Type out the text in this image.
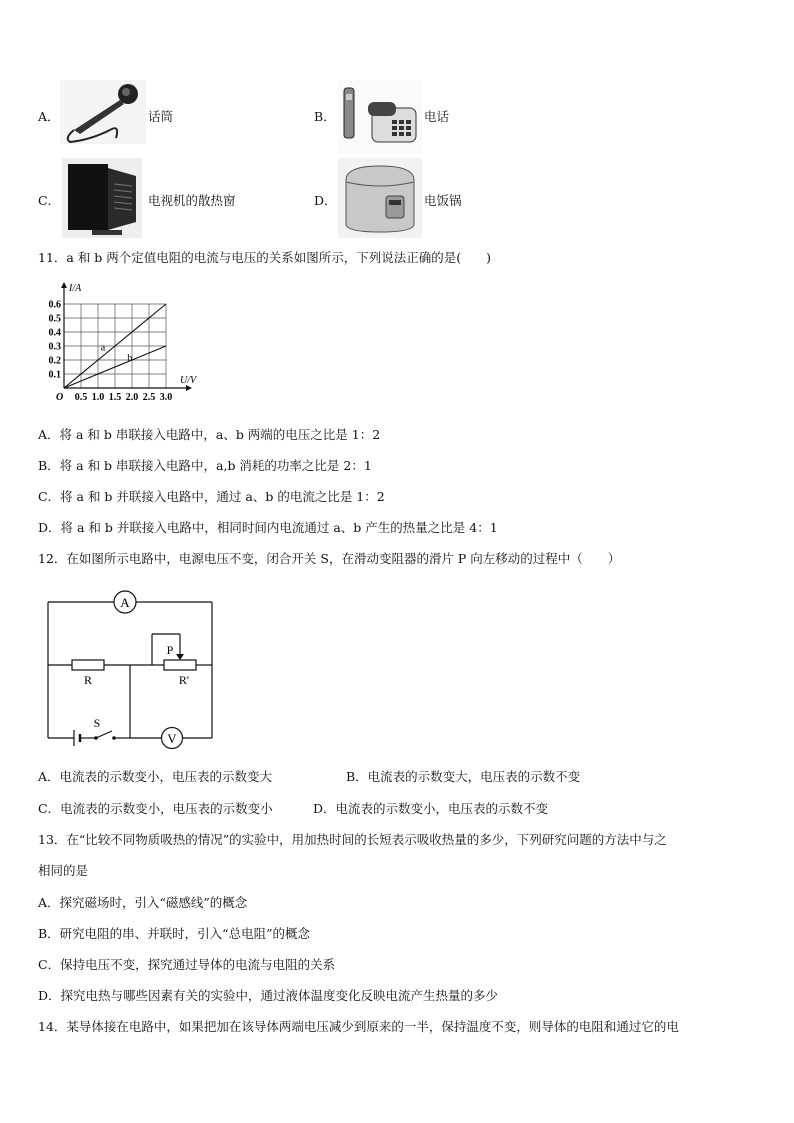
A．	话筒	B．	电话
C．	电视机的散热窗	D．	电饭锅
11．a 和 b 两个定值电阻的电流与电压的关系如图所示，下列说法正确的是(　　)
0.5 1.0 1.5 2.0 2.5 3.0
0.1
0.2
0.3
0.4
0.5
0.6
O
U/V
I/A
a
b
A．将 a 和 b 串联接入电路中，a、b 两端的电压之比是 1：2
B．将 a 和 b 串联接入电路中，a,b 消耗的功率之比是 2：1
C．将 a 和 b 并联接入电路中，通过 a、b 的电流之比是 1：2
D．将 a 和 b 并联接入电路中，相同时间内电流通过 a、b 产生的热量之比是 4：1
12．在如图所示电路中，电源电压不变，闭合开关 S，在滑动变阻器的滑片 P 向左移动的过程中（　　）
A
R
P
R'
S
V
A．电流表的示数变小，电压表的示数变大	B．电流表的示数变大，电压表的示数不变
C．电流表的示数变小，电压表的示数变小	D．电流表的示数变小，电压表的示数不变
13．在“比较不同物质吸热的情况”的实验中，用加热时间的长短表示吸收热量的多少，下列研究问题的方法中与之
相同的是
A．探究磁场时，引入“磁感线”的概念
B．研究电阻的串、并联时，引入“总电阻”的概念
C．保持电压不变，探究通过导体的电流与电阻的关系
D．探究电热与哪些因素有关的实验中，通过液体温度变化反映电流产生热量的多少
14．某导体接在电路中，如果把加在该导体两端电压减少到原来的一半，保持温度不变，则导体的电阻和通过它的电
